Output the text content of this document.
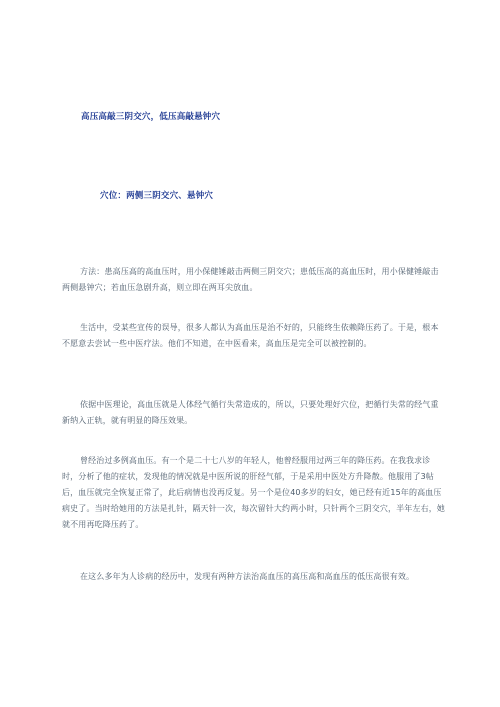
高压高敲三阴交穴，低压高敲悬钟穴
穴位：两侧三阴交穴、悬钟穴

方法：患高压高的高血压时，用小保健锤敲击两侧三阴交穴；患低压高的高血压时，用小保健锤敲击两侧悬钟穴；若血压急剧升高，则立即在两耳尖放血。

生活中，受某些宣传的误导，很多人都认为高血压是治不好的，只能终生依赖降压药了。于是，根本不愿意去尝试一些中医疗法。他们不知道，在中医看来，高血压是完全可以被控制的。

依据中医理论，高血压就是人体经气循行失常造成的，所以，只要处理好穴位，把循行失常的经气重新纳入正轨，就有明显的降压效果。

曾经治过多例高血压。有一个是二十七八岁的年轻人，他曾经服用过两三年的降压药。在我我求诊时，分析了他的症状，发现他的情况就是中医所说的肝经气郁，于是采用中医处方升降散。他服用了3帖后，血压就完全恢复正常了，此后病情也没再反复。另一个是位40多岁的妇女，她已经有近15年的高血压病史了。当时给她用的方法是扎针，隔天针一次，每次留针大约两小时，只针两个三阴交穴，半年左右，她就不用再吃降压药了。

在这么多年为人诊病的经历中，发现有两种方法治高血压的高压高和高血压的低压高很有效。
